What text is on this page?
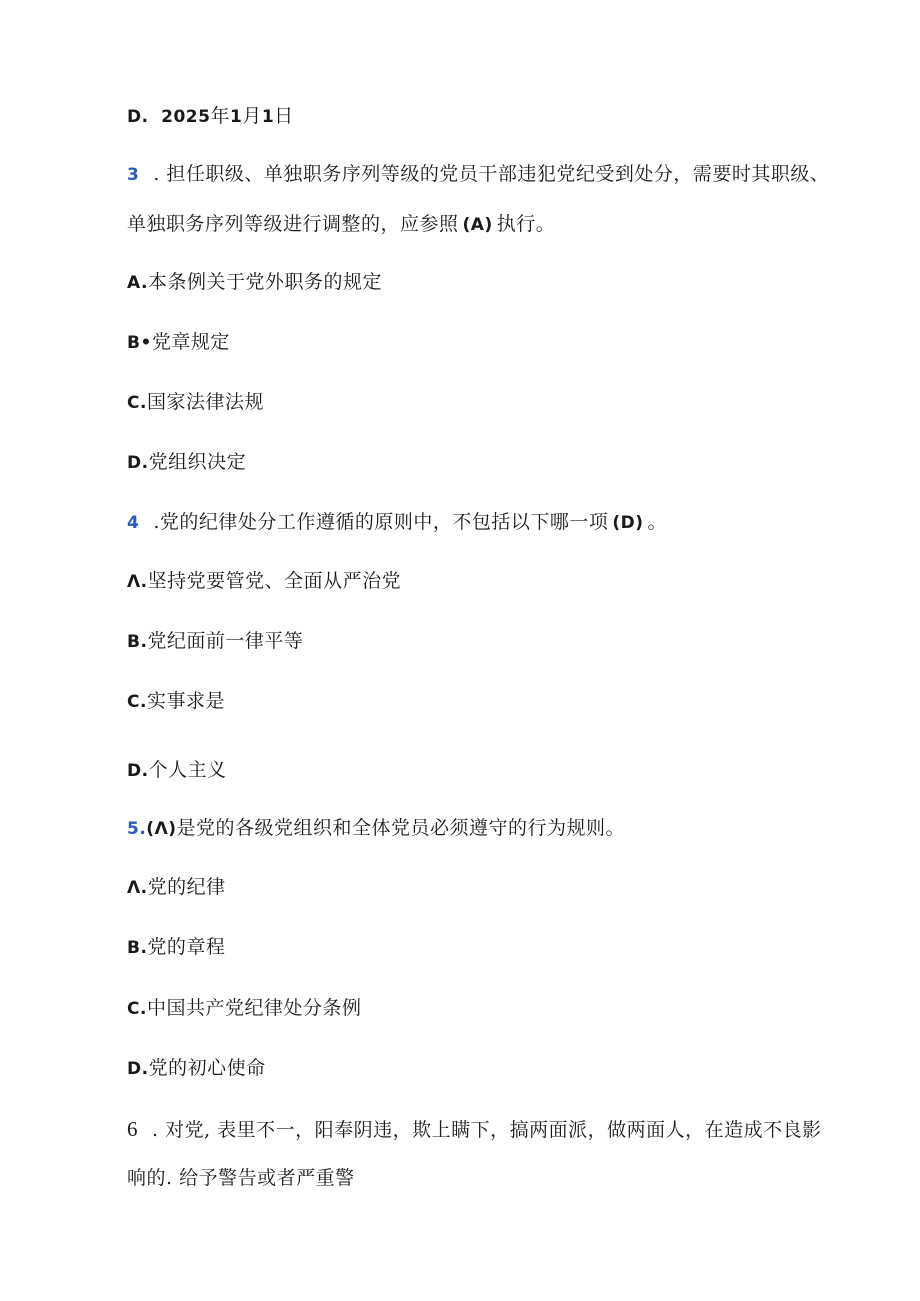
D. 2025年1月1日
3 . 担任职级、单独职务序列等级的党员干部违犯党纪受到处分，需要时其职级、
单独职务序列等级进行调整的，应参照 (A) 执行。
A.本条例关于党外职务的规定
B•党章规定
C.国家法律法规
D.党组织决定
4 .党的纪律处分工作遵循的原则中，不包括以下哪一项 (D) 。
Λ.坚持党要管党、全面从严治党
B.党纪面前一律平等
C.实事求是
D.个人主义
5.(Λ)是党的各级党组织和全体党员必须遵守的行为规则。
Λ.党的纪律
B.党的章程
C.中国共产党纪律处分条例
D.党的初心使命
6 . 对党, 表里不一，阳奉阴违，欺上瞒下，搞两面派，做两面人，在造成不良影
响的. 给予警告或者严重警
